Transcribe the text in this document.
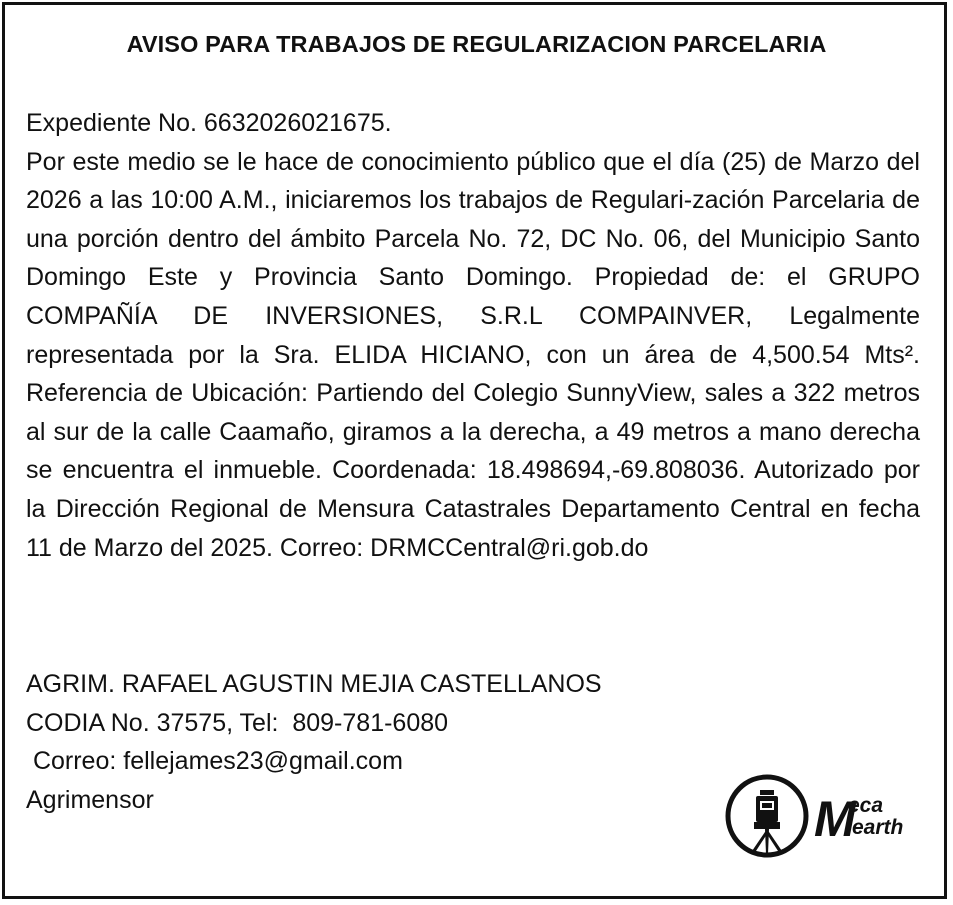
AVISO PARA TRABAJOS DE REGULARIZACION PARCELARIA

Expediente No. 6632026021675.

Por este medio se le hace de conocimiento público que el día (25) de Marzo del 2026 a las 10:00 A.M., iniciaremos los trabajos de Regulari-zación Parcelaria de una porción dentro del ámbito Parcela No. 72, DC No. 06, del Municipio Santo Domingo Este y Provincia Santo Domingo. Propiedad de: el GRUPO COMPAÑÍA DE INVERSIONES, S.R.L COMPAINVER, Legalmente representada por la Sra. ELIDA HICIANO, con un área de 4,500.54 Mts². Referencia de Ubicación: Partiendo del Colegio SunnyView, sales a 322 metros al sur de la calle Caamaño, giramos a la derecha, a 49 metros a mano derecha se encuentra el inmueble. Coordenada: 18.498694,-69.808036. Autorizado por la Dirección Regional de Mensura Catastrales Departamento Central en fecha 11 de Marzo del 2025. Correo: DRMCCentral@ri.gob.do

AGRIM. RAFAEL AGUSTIN MEJIA CASTELLANOS
CODIA No. 37575, Tel:  809-781-6080
Correo: fellejames23@gmail.com
Agrimensor	M
eca
earth
